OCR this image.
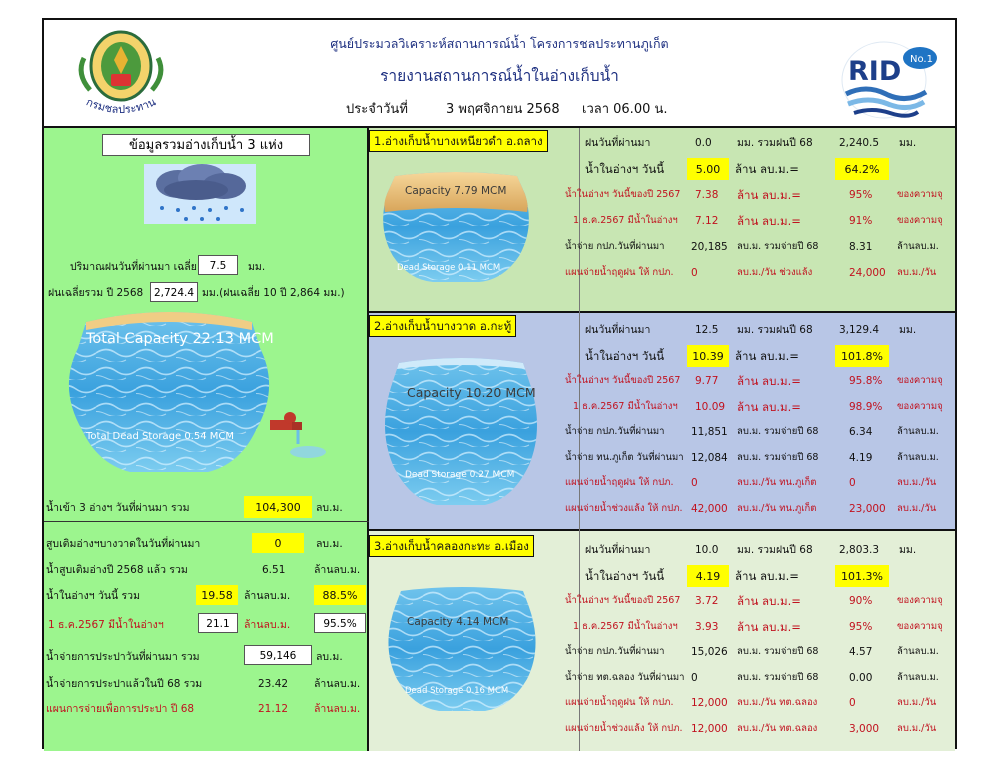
กรมชลประทาน
ศูนย์ประมวลวิเคราะห์สถานการณ์น้ำ โครงการชลประทานภูเก็ต
รายงานสถานการณ์น้ำในอ่างเก็บน้ำ
ประจำวันที่	3 พฤศจิกายน 2568 เวลา 06.00 น.
RID No.1
ข้อมูลรวมอ่างเก็บน้ำ 3 แห่ง
ปริมาณฝนวันที่ผ่านมา เฉลี่ย	7.5	มม.
ฝนเฉลี่ยรวม ปี 2568	2,724.4 มม.(ฝนเฉลี่ย 10 ปี 2,864 มม.)
Total Capacity 22.13 MCM
Total Dead Storage 0.54 MCM
น้ำเข้า 3 อ่างฯ วันที่ผ่านมา รวม	104,300	ลบ.ม.
สูบเติมอ่างฯบางวาดในวันที่ผ่านมา	0	ลบ.ม.
น้ำสูบเติมอ่างปี 2568 แล้ว รวม	6.51	ล้านลบ.ม.
น้ำในอ่างฯ วันนี้ รวม	19.58	ล้านลบ.ม.	88.5%
1 ธ.ค.2567 มีน้ำในอ่างฯ	21.1	ล้านลบ.ม.	95.5%
น้ำจ่ายการประปาวันที่ผ่านมา รวม	59,146	ลบ.ม.
น้ำจ่ายการประปาแล้วในปี 68 รวม	23.42 ล้านลบ.ม.
แผนการจ่ายเพื่อการประปา ปี 68	21.12 ล้านลบ.ม.
1.อ่างเก็บน้ำบางเหนียวดำ อ.ถลาง
Capacity 7.79 MCM
Dead Storage 0.11 MCM
ฝนวันที่ผ่านมา	0.0 มม. รวมฝนปี 68	2,240.5 มม.
น้ำในอ่างฯ วันนี้	5.00	ล้าน ลบ.ม.=	64.2%
น้ำในอ่างฯ วันนี้ของปี 2567 7.38 ล้าน ลบ.ม.=	95%	ของความจุ
1 ธ.ค.2567 มีน้ำในอ่างฯ 7.12 ล้าน ลบ.ม.=	91%	ของความจุ
น้ำจ่าย กปภ.วันที่ผ่านมา	20,185 ลบ.ม. รวมจ่ายปี 68	8.31	ล้านลบ.ม.
แผนจ่ายน้ำฤดูฝน ให้ กปภ. 0	ลบ.ม./วัน ช่วงแล้ง	24,000 ลบ.ม./วัน
2.อ่างเก็บน้ำบางวาด อ.กะทู้
Capacity 10.20 MCM
Dead Storage 0.27 MCM
ฝนวันที่ผ่านมา	12.5 มม. รวมฝนปี 68	3,129.4 มม.
น้ำในอ่างฯ วันนี้	10.39 ล้าน ลบ.ม.=	101.8%
น้ำในอ่างฯ วันนี้ของปี 2567 9.77 ล้าน ลบ.ม.=	95.8% ของความจุ
1 ธ.ค.2567 มีน้ำในอ่างฯ 10.09 ล้าน ลบ.ม.=	98.9% ของความจุ
น้ำจ่าย กปภ.วันที่ผ่านมา	11,851 ลบ.ม. รวมจ่ายปี 68	6.34	ล้านลบ.ม.
น้ำจ่าย ทน.ภูเก็ต วันที่ผ่านมา 12,084 ลบ.ม. รวมจ่ายปี 68	4.19	ล้านลบ.ม.
แผนจ่ายน้ำฤดูฝน ให้ กปภ. 0	ลบ.ม./วัน ทน.ภูเก็ต	0	ลบ.ม./วัน
แผนจ่ายน้ำช่วงแล้ง ให้ กปภ. 42,000 ลบ.ม./วัน ทน.ภูเก็ต	23,000 ลบ.ม./วัน
3.อ่างเก็บน้ำคลองกะทะ อ.เมือง
Capacity 4.14 MCM
Dead Storage 0.16 MCM
ฝนวันที่ผ่านมา	10.0 มม. รวมฝนปี 68	2,803.3 มม.
น้ำในอ่างฯ วันนี้	4.19	ล้าน ลบ.ม.=	101.3%
น้ำในอ่างฯ วันนี้ของปี 2567 3.72 ล้าน ลบ.ม.=	90%	ของความจุ
1 ธ.ค.2567 มีน้ำในอ่างฯ 3.93 ล้าน ลบ.ม.=	95%	ของความจุ
น้ำจ่าย กปภ.วันที่ผ่านมา	15,026 ลบ.ม. รวมจ่ายปี 68	4.57	ล้านลบ.ม.
น้ำจ่าย ทต.ฉลอง วันที่ผ่านมา 0	ลบ.ม. รวมจ่ายปี 68	0.00	ล้านลบ.ม.
แผนจ่ายน้ำฤดูฝน ให้ กปภ. 12,000 ลบ.ม./วัน ทต.ฉลอง	0	ลบ.ม./วัน
แผนจ่ายน้ำช่วงแล้ง ให้ กปภ. 12,000 ลบ.ม./วัน ทต.ฉลอง	3,000 ลบ.ม./วัน
